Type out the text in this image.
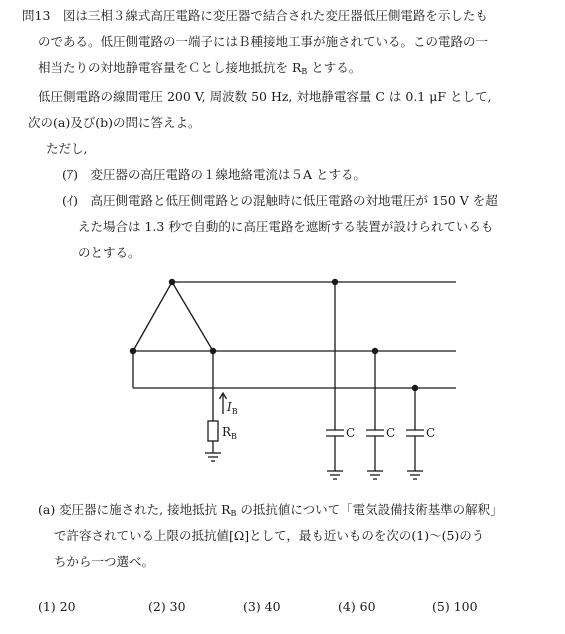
問13　図は三相３線式高圧電路に変圧器で結合された変圧器低圧側電路を示したも
のである。低圧側電路の一端子にはＢ種接地工事が施されている。この電路の一
相当たりの対地静電容量をＣとし接地抵抗を $R_B$ とする。
低圧側電路の線間電圧 200 V, 周波数 50 Hz, 対地静電容量 C は 0.1 μF として,
次の(a)及び(b)の問に答えよ。
ただし,
(ｱ)　変圧器の高圧電路の１線地絡電流は５A とする。
(ｲ)　高圧側電路と低圧側電路との混触時に低圧電路の対地電圧が 150 V を超
えた場合は 1.3 秒で自動的に高圧電路を遮断する装置が設けられているも
のとする。
$I_B$
$R_B$	C	C	C
(a) 変圧器に施された, 接地抵抗 $R_B$ の抵抗値について「電気設備技術基準の解釈」
で許容されている上限の抵抗値[Ω]として，最も近いものを次の(1)～(5)のう
ちから一つ選べ。
(1) 20	(2) 30	(3) 40	(4) 60	(5) 100
